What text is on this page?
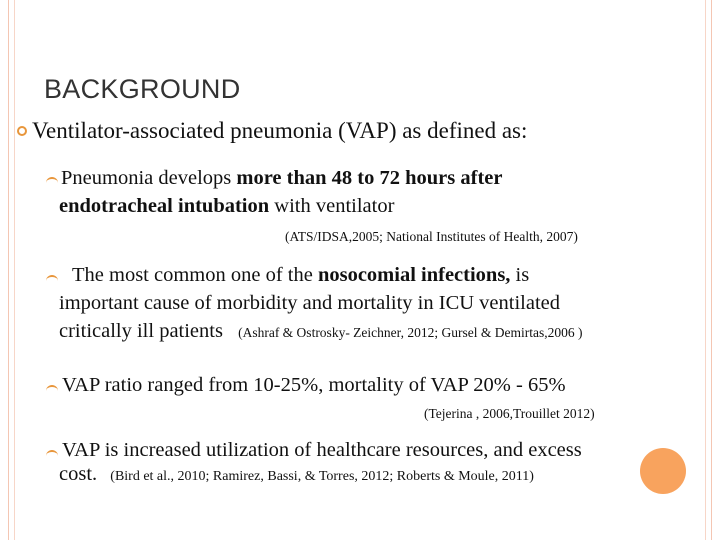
BACKGROUND
Ventilator-associated pneumonia (VAP) as defined as:
Pneumonia develops more than 48 to 72 hours after
endotracheal intubation with ventilator
(ATS/IDSA,2005; National Institutes of Health, 2007)
The most common one of the nosocomial infections, is
important cause of morbidity and mortality in ICU ventilated
critically ill patients (Ashraf & Ostrosky- Zeichner, 2012; Gursel & Demirtas,2006 )
VAP ratio ranged from 10-25%, mortality of VAP 20% - 65%
(Tejerina , 2006,Trouillet 2012)
VAP is increased utilization of healthcare resources, and excess
cost. (Bird et al., 2010; Ramirez, Bassi, & Torres, 2012; Roberts & Moule, 2011)
